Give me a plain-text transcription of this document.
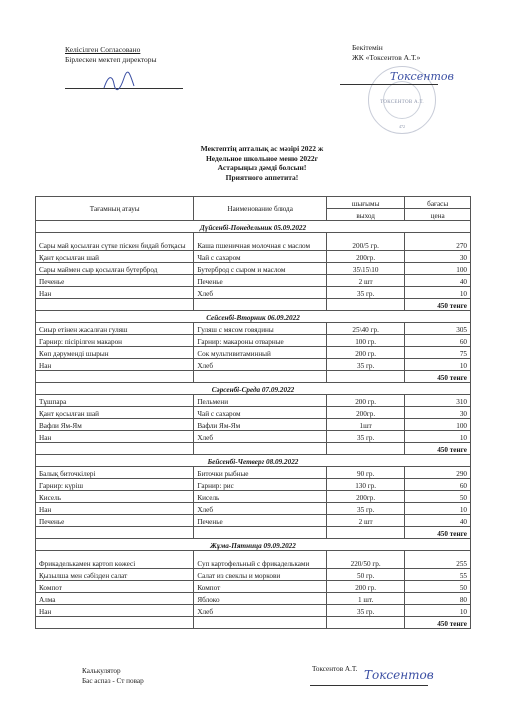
Келісілген Согласовано
Бірлескен мектеп директоры
Бекітемін
ЖК «Токсентов А.Т.»
ТОКСЕНТОВ А.Т.
472
Токсентов
Мектептің апталық ас мәзірі 2022 ж
Недельное школьное меню 2022г
Астарыңыз дәмді болсын!
Приятного аппетита!
Тағамның атауы	Наименование блюда	шығымы	бағасы
		выход	цена
Дүйсенбі-Понедельник 05.09.2022			
Сары май қосылған сүтке піскен бидай ботқасы	Каша пшеничная молочная с маслом	200/5 гр.	270
Қант қосылған шай	Чай с сахаром	200гр.	30
Сары маймен сыр қосылған бутерброд	Бутерброд с сыром и маслом	35\15\10	100
Печенье	Печенье	2 шт	40
Нан	Хлеб	35 гр.	10
			450 тенге
Сейсенбі-Вторник 06.09.2022			
Сиыр етінен жасалған гуляш	Гуляш с мясом говядины	25\40 гр.	305
Гарнир: пісірілген макарон	Гарнир: макароны отварные	100 гр.	60
Көп дәрумендi шырын	Сок мультивитаминный	200 гр.	75
Нан	Хлеб	35 гр.	10
			450 тенге
Сәрсенбі-Среда 07.09.2022			
Тұшпара	Пельмени	200 гр.	310
Қант қосылған шай	Чай с сахаром	200гр.	30
Вафли Ям-Ям	Вафли Ям-Ям	1шт	100
Нан	Хлеб	35 гр.	10
			450 тенге
Бейсенбі-Четверг 08.09.2022			
Балық биточкілері	Биточки рыбные	90 гр.	290
Гарнир: күріш	Гарнир: рис	130 гр.	60
Кисель	Кисель	200гр.	50
Нан	Хлеб	35 гр.	10
Печенье	Печенье	2 шт	40
			450 тенге
Жұма-Пятница 09.09.2022			
Фрикаделькамен картоп көжесі	Суп картофельный с фрикадельками	220/50 гр.	255
Қызылша мен сәбізден салат	Салат из свеклы и моркови	50 гр.	55
Компот	Компот	200 гр.	50
Алма	Яблоко	1 шт.	80
Нан	Хлеб	35 гр.	10
			450 тенге
Калькулятор
Бас аспаз - Ст повар
Токсентов А.Т. Токсентов
